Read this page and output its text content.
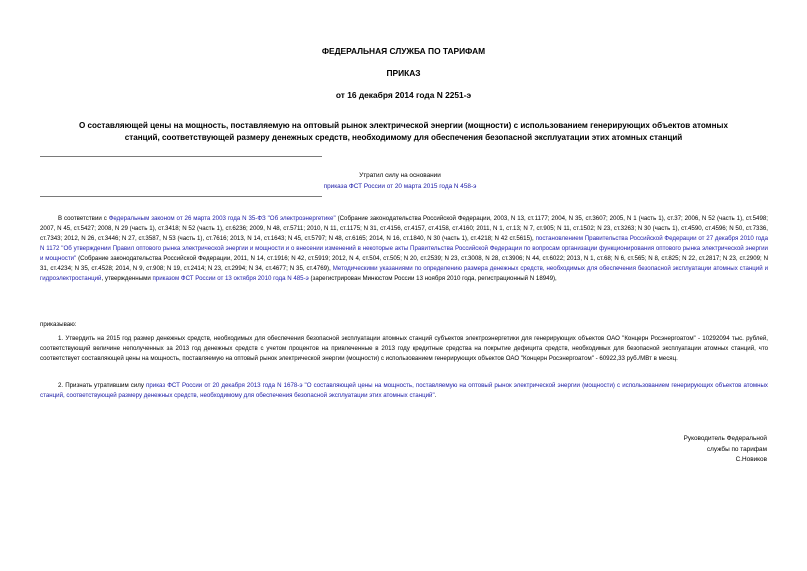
ФЕДЕРАЛЬНАЯ СЛУЖБА ПО ТАРИФАМ
ПРИКАЗ
от 16 декабря 2014 года N 2251-э
О составляющей цены на мощность, поставляемую на оптовый рынок электрической энергии (мощности) с использованием генерирующих объектов атомных
станций, соответствующей размеру денежных средств, необходимому для обеспечения безопасной эксплуатации этих атомных станций
Утратил силу на основании
приказа ФСТ России от 20 марта 2015 года N 458-э
В соответствии с Федеральным законом от 26 марта 2003 года N 35-ФЗ "Об электроэнергетике" (Собрание законодательства Российской Федерации, 2003, N 13, ст.1177; 2004, N 35, ст.3607; 2005, N 1 (часть 1), ст.37; 2006, N 52 (часть 1), ст.5498; 2007, N 45, ст.5427; 2008, N 29 (часть 1), ст.3418; N 52 (часть 1), ст.6236; 2009, N 48, ст.5711; 2010, N 11, ст.1175; N 31, ст.4156, ст.4157, ст.4158, ст.4160; 2011, N 1, ст.13; N 7, ст.905; N 11, ст.1502; N 23, ст.3263; N 30 (часть 1), ст.4590, ст.4596; N 50, ст.7336, ст.7343; 2012, N 26, ст.3446; N 27, ст.3587, N 53 (часть 1), ст.7616; 2013, N 14, ст.1643; N 45, ст.5797; N 48, ст.6165; 2014, N 16, ст.1840, N 30 (часть 1), ст.4218; N 42 ст.5615), постановлением Правительства Российской Федерации от 27 декабря 2010 года N 1172 "Об утверждении Правил оптового рынка электрической энергии и мощности и о внесении изменений в некоторые акты Правительства Российской Федерации по вопросам организации функционирования оптового рынка электрической энергии и мощности" (Собрание законодательства Российской Федерации, 2011, N 14, ст.1916; N 42, ст.5919; 2012, N 4, ст.504, ст.505; N 20, ст.2539; N 23, ст.3008, N 28, ст.3906; N 44, ст.6022; 2013, N 1, ст.68; N 6, ст.565; N 8, ст.825; N 22, ст.2817; N 23, ст.2909; N 31, ст.4234; N 35, ст.4528; 2014, N 9, ст.908; N 19, ст.2414; N 23, ст.2994; N 34, ст.4677; N 35, ст.4769), Методическими указаниями по определению размера денежных средств, необходимых для обеспечения безопасной эксплуатации атомных станций и гидроэлектростанций, утвержденными приказом ФСТ России от 13 октября 2010 года N 485-э (зарегистрирован Минюстом России 13 ноября 2010 года, регистрационный N 18949),
приказываю:
1. Утвердить на 2015 год размер денежных средств, необходимых для обеспечения безопасной эксплуатации атомных станций субъектов электроэнергетики для генерирующих объектов ОАО "Концерн Росэнергоатом" - 10292094 тыс. рублей, соответствующий величине неполученных за 2013 год денежных средств с учетом процентов на привлеченные в 2013 году кредитные средства на покрытие дефицита средств, необходимых для безопасной эксплуатации атомных станций, что соответствует составляющей цены на мощность, поставляемую на оптовый рынок электрической энергии (мощности) с использованием генерирующих объектов ОАО "Концерн Росэнергоатом" - 60922,33 руб./МВт в месяц.
2. Признать утратившим силу приказ ФСТ России от 20 декабря 2013 года N 1678-э "О составляющей цены на мощность, поставляемую на оптовый рынок электрической энергии (мощности) с использованием генерирующих объектов атомных станций, соответствующей размеру денежных средств, необходимому для обеспечения безопасной эксплуатации этих атомных станций".
Руководитель Федеральной
службы по тарифам
С.Новиков
